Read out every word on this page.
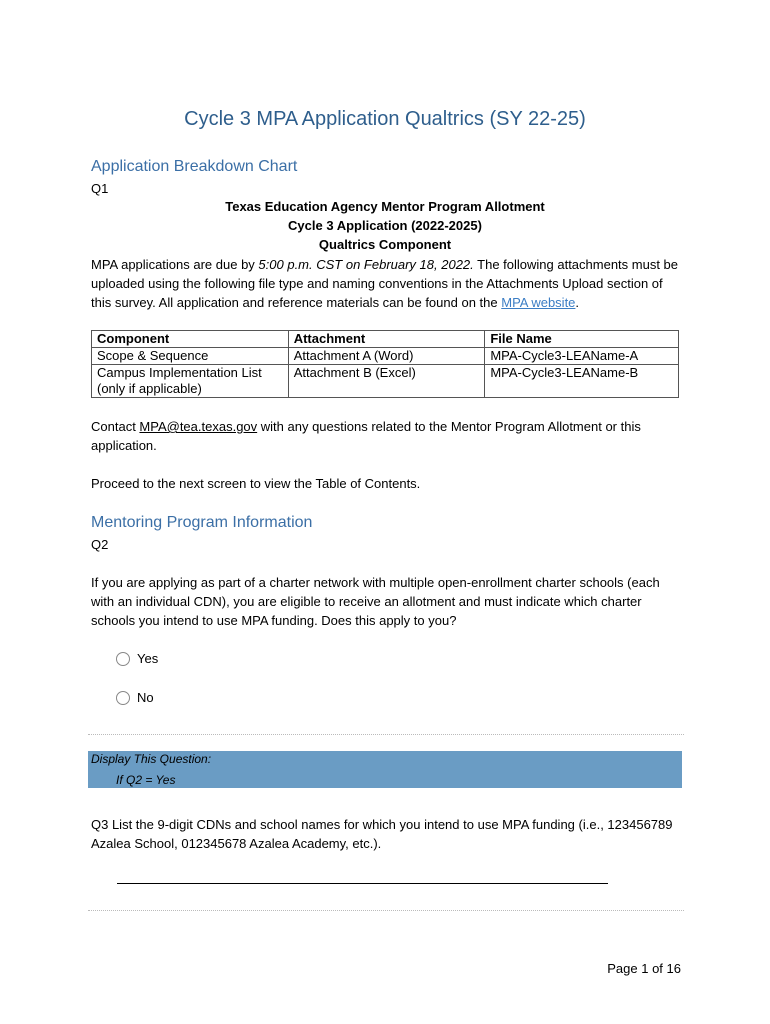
Cycle 3 MPA Application Qualtrics (SY 22-25)
Application Breakdown Chart
Q1
Texas Education Agency Mentor Program Allotment
Cycle 3 Application (2022-2025)
Qualtrics Component
MPA applications are due by 5:00 p.m. CST on February 18, 2022. The following attachments must be uploaded using the following file type and naming conventions in the Attachments Upload section of this survey. All application and reference materials can be found on the MPA website.
Component	Attachment	File Name
Scope & Sequence	Attachment A (Word)	MPA-Cycle3-LEAName-A
Campus Implementation List (only if applicable)	Attachment B (Excel)	MPA-Cycle3-LEAName-B
Contact MPA@tea.texas.gov with any questions related to the Mentor Program Allotment or this application.
Proceed to the next screen to view the Table of Contents.
Mentoring Program Information
Q2
If you are applying as part of a charter network with multiple open-enrollment charter schools (each with an individual CDN), you are eligible to receive an allotment and must indicate which charter schools you intend to use MPA funding. Does this apply to you?
Yes
No
Display This Question:
If Q2 = Yes
Q3 List the 9-digit CDNs and school names for which you intend to use MPA funding (i.e., 123456789 Azalea School, 012345678 Azalea Academy, etc.).
Page 1 of 16
